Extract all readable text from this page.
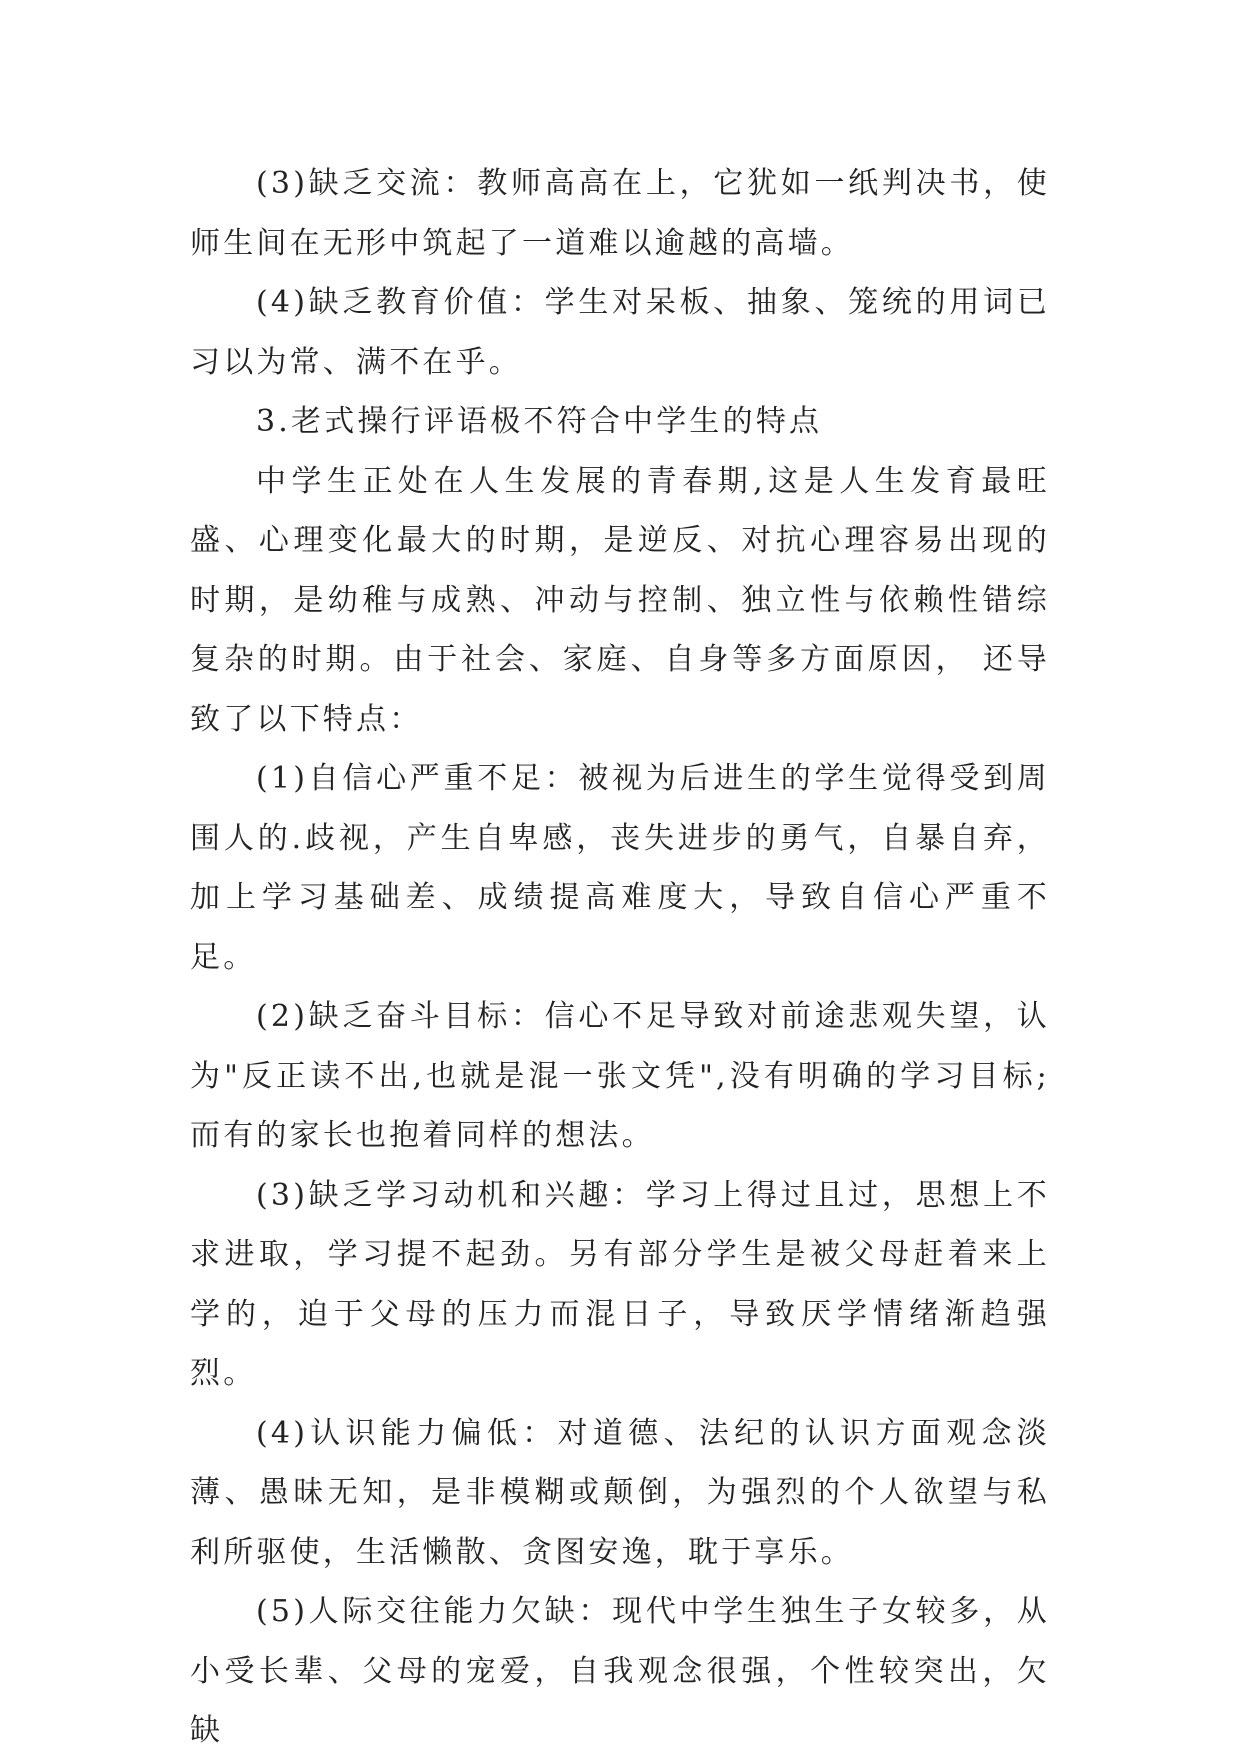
(3)缺乏交流：教师高高在上，它犹如一纸判决书，使师生间在无形中筑起了一道难以逾越的高墙。

(4)缺乏教育价值：学生对呆板、抽象、笼统的用词已习以为常、满不在乎。

3.老式操行评语极不符合中学生的特点

中学生正处在人生发展的青春期,这是人生发育最旺盛、心理变化最大的时期，是逆反、对抗心理容易出现的时期，是幼稚与成熟、冲动与控制、独立性与依赖性错综复杂的时期。由于社会、家庭、自身等多方面原因， 还导致了以下特点：

(1)自信心严重不足：被视为后进生的学生觉得受到周围人的.歧视，产生自卑感，丧失进步的勇气，自暴自弃，加上学习基础差、成绩提高难度大，导致自信心严重不足。

(2)缺乏奋斗目标：信心不足导致对前途悲观失望，认为"反正读不出,也就是混一张文凭",没有明确的学习目标;而有的家长也抱着同样的想法。

(3)缺乏学习动机和兴趣：学习上得过且过，思想上不求进取，学习提不起劲。另有部分学生是被父母赶着来上学的，迫于父母的压力而混日子，导致厌学情绪渐趋强烈。

(4)认识能力偏低：对道德、法纪的认识方面观念淡薄、愚昧无知，是非模糊或颠倒，为强烈的个人欲望与私利所驱使，生活懒散、贪图安逸，耽于享乐。

(5)人际交往能力欠缺：现代中学生独生子女较多，从小受长辈、父母的宠爱，自我观念很强，个性较突出，欠缺
